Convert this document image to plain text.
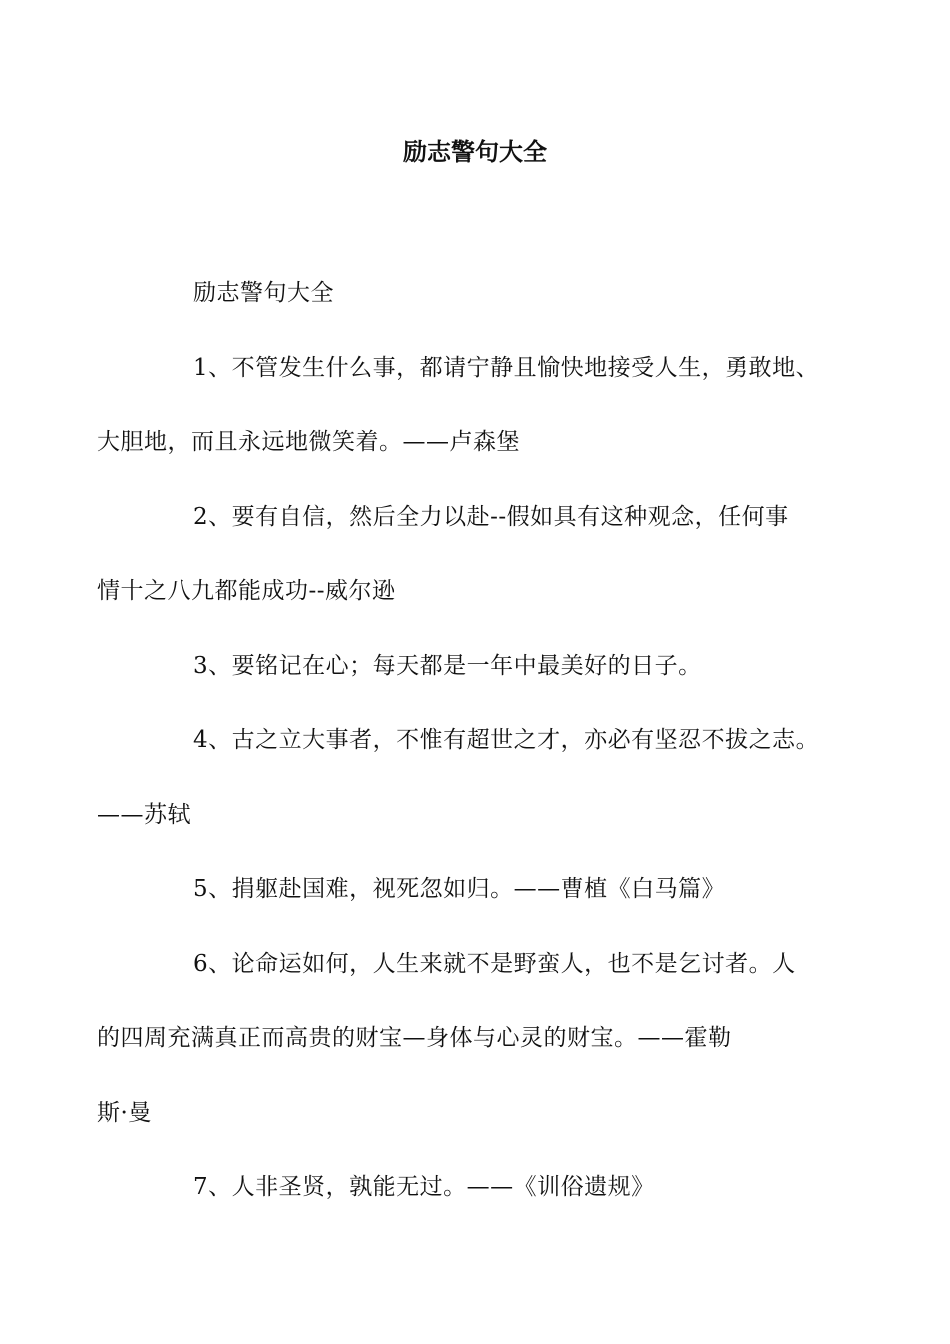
励志警句大全

励志警句大全

1、不管发生什么事，都请宁静且愉快地接受人生，勇敢地、
大胆地，而且永远地微笑着。——卢森堡

2、要有自信，然后全力以赴--假如具有这种观念，任何事
情十之八九都能成功--威尔逊

3、要铭记在心；每天都是一年中最美好的日子。

4、古之立大事者，不惟有超世之才，亦必有坚忍不拔之志。
——苏轼

5、捐躯赴国难，视死忽如归。——曹植《白马篇》

6、论命运如何，人生来就不是野蛮人，也不是乞讨者。人
的四周充满真正而高贵的财宝—身体与心灵的财宝。——霍勒
斯·曼

7、人非圣贤，孰能无过。——《训俗遗规》
